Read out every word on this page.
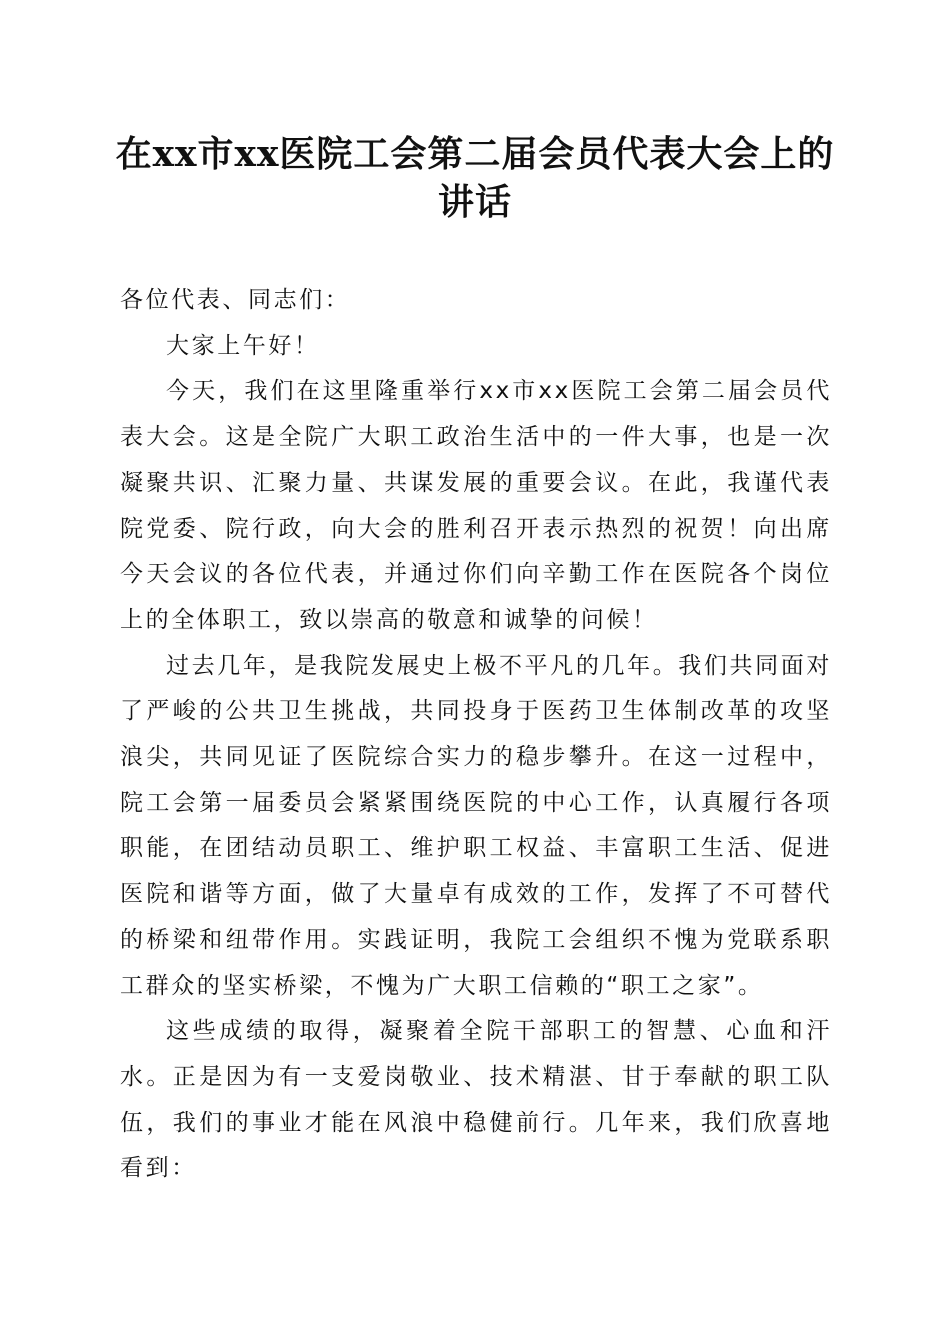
在xx市xx医院工会第二届会员代表大会上的
讲话

各位代表、同志们：

大家上午好！

今天，我们在这里隆重举行xx市xx医院工会第二届会员代表大会。这是全院广大职工政治生活中的一件大事，也是一次凝聚共识、汇聚力量、共谋发展的重要会议。在此，我谨代表院党委、院行政，向大会的胜利召开表示热烈的祝贺！向出席今天会议的各位代表，并通过你们向辛勤工作在医院各个岗位上的全体职工，致以崇高的敬意和诚挚的问候！

过去几年，是我院发展史上极不平凡的几年。我们共同面对了严峻的公共卫生挑战，共同投身于医药卫生体制改革的攻坚浪尖，共同见证了医院综合实力的稳步攀升。在这一过程中，院工会第一届委员会紧紧围绕医院的中心工作，认真履行各项职能，在团结动员职工、维护职工权益、丰富职工生活、促进医院和谐等方面，做了大量卓有成效的工作，发挥了不可替代的桥梁和纽带作用。实践证明，我院工会组织不愧为党联系职工群众的坚实桥梁，不愧为广大职工信赖的“职工之家”。

这些成绩的取得，凝聚着全院干部职工的智慧、心血和汗水。正是因为有一支爱岗敬业、技术精湛、甘于奉献的职工队伍，我们的事业才能在风浪中稳健前行。几年来，我们欣喜地看到：
